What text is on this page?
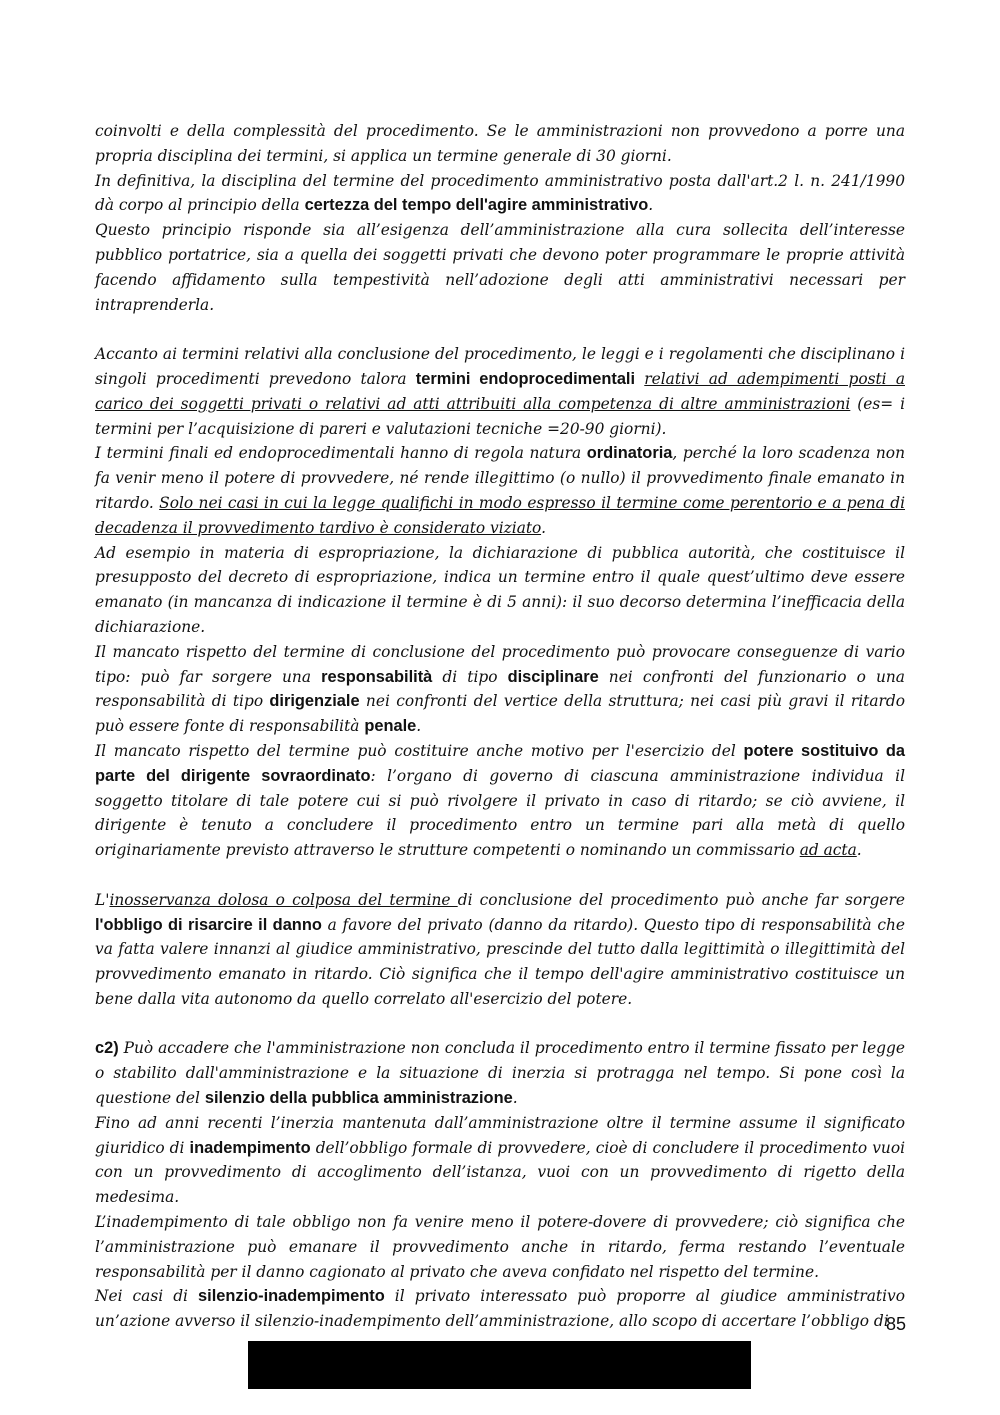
coinvolti e della complessità del procedimento. Se le amministrazioni non provvedono a porre una propria disciplina dei termini, si applica un termine generale di 30 giorni.

In definitiva, la disciplina del termine del procedimento amministrativo posta dall'art.2 l. n. 241/1990 dà corpo al principio della certezza del tempo dell'agire amministrativo.

Questo principio risponde sia all’esigenza dell’amministrazione alla cura sollecita dell’interesse pubblico portatrice, sia a quella dei soggetti privati che devono poter programmare le proprie attività facendo affidamento sulla tempestività nell’adozione degli atti amministrativi necessari per intraprenderla.

Accanto ai termini relativi alla conclusione del procedimento, le leggi e i regolamenti che disciplinano i singoli procedimenti prevedono talora termini endoprocedimentali relativi ad adempimenti posti a carico dei soggetti privati o relativi ad atti attribuiti alla competenza di altre amministrazioni (es= i termini per l’acquisizione di pareri e valutazioni tecniche =20-90 giorni).

I termini finali ed endoprocedimentali hanno di regola natura ordinatoria, perché la loro scadenza non fa venir meno il potere di provvedere, né rende illegittimo (o nullo) il provvedimento finale emanato in ritardo. Solo nei casi in cui la legge qualifichi in modo espresso il termine come perentorio e a pena di decadenza il provvedimento tardivo è considerato viziato.

Ad esempio in materia di espropriazione, la dichiarazione di pubblica autorità, che costituisce il presupposto del decreto di espropriazione, indica un termine entro il quale quest’ultimo deve essere emanato (in mancanza di indicazione il termine è di 5 anni): il suo decorso determina l’inefficacia della dichiarazione.

Il mancato rispetto del termine di conclusione del procedimento può provocare conseguenze di vario tipo: può far sorgere una responsabilità di tipo disciplinare nei confronti del funzionario o una responsabilità di tipo dirigenziale nei confronti del vertice della struttura; nei casi più gravi il ritardo può essere fonte di responsabilità penale.

Il mancato rispetto del termine può costituire anche motivo per l'esercizio del potere sostituivo da parte del dirigente sovraordinato: l’organo di governo di ciascuna amministrazione individua il soggetto titolare di tale potere cui si può rivolgere il privato in caso di ritardo; se ciò avviene, il dirigente è tenuto a concludere il procedimento entro un termine pari alla metà di quello originariamente previsto attraverso le strutture competenti o nominando un commissario ad acta.

L'inosservanza dolosa o colposa del termine di conclusione del procedimento può anche far sorgere l'obbligo di risarcire il danno a favore del privato (danno da ritardo). Questo tipo di responsabilità che va fatta valere innanzi al giudice amministrativo, prescinde del tutto dalla legittimità o illegittimità del provvedimento emanato in ritardo. Ciò significa che il tempo dell'agire amministrativo costituisce un bene dalla vita autonomo da quello correlato all'esercizio del potere.

c2) Può accadere che l'amministrazione non concluda il procedimento entro il termine fissato per legge o stabilito dall'amministrazione e la situazione di inerzia si protragga nel tempo. Si pone così la questione del silenzio della pubblica amministrazione.

Fino ad anni recenti l’inerzia mantenuta dall’amministrazione oltre il termine assume il significato giuridico di inadempimento dell’obbligo formale di provvedere, cioè di concludere il procedimento vuoi con un provvedimento di accoglimento dell’istanza, vuoi con un provvedimento di rigetto della medesima.

L’inadempimento di tale obbligo non fa venire meno il potere-dovere di provvedere; ciò significa che l’amministrazione può emanare il provvedimento anche in ritardo, ferma restando l’eventuale responsabilità per il danno cagionato al privato che aveva confidato nel rispetto del termine.

Nei casi di silenzio-inadempimento il privato interessato può proporre al giudice amministrativo un’azione avverso il silenzio-inadempimento dell’amministrazione, allo scopo di accertare l’obbligo di

85
